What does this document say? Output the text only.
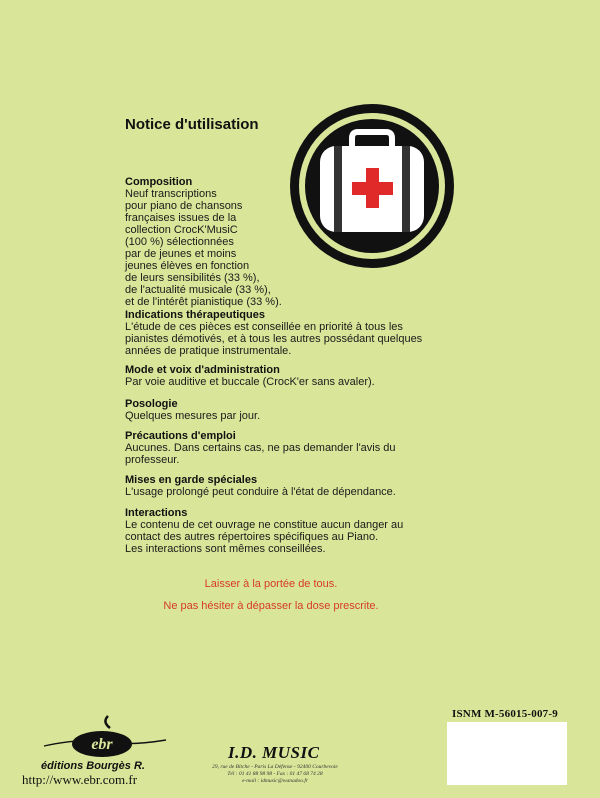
Notice d'utilisation
Composition
Neuf transcriptions
pour piano de chansons
françaises issues de la
collection CrocK'MusiC
(100 %) sélectionnées
par de jeunes et moins
jeunes élèves en fonction
de leurs sensibilités (33 %),
de l'actualité musicale (33 %),
et de l'intérêt pianistique (33 %).
Indications thérapeutiques
L'étude de ces pièces est conseillée en priorité à tous les
pianistes démotivés, et à tous les autres possédant quelques
années de pratique instrumentale.
Mode et voix d'administration
Par voie auditive et buccale (CrocK'er sans avaler).
Posologie
Quelques mesures par jour.
Précautions d'emploi
Aucunes. Dans certains cas, ne pas demander l'avis du
professeur.
Mises en garde spéciales
L'usage prolongé peut conduire à l'état de dépendance.
Interactions
Le contenu de cet ouvrage ne constitue aucun danger au
contact des autres répertoires spécifiques au Piano.
Les interactions sont mêmes conseillées.
Laisser à la portée de tous.
Ne pas hésiter à dépasser la dose prescrite.
ISNM M-56015-007-9
ebr
éditions Bourgès R.
http://www.ebr.com.fr
I.D. MUSIC
29, rue de Bitche - Paris La Défense - 92400 Courbevoie
Tél : 01 41 88 98 98 - Fax : 01 47 68 74 28
e-mail : idmusic@wanadoo.fr
